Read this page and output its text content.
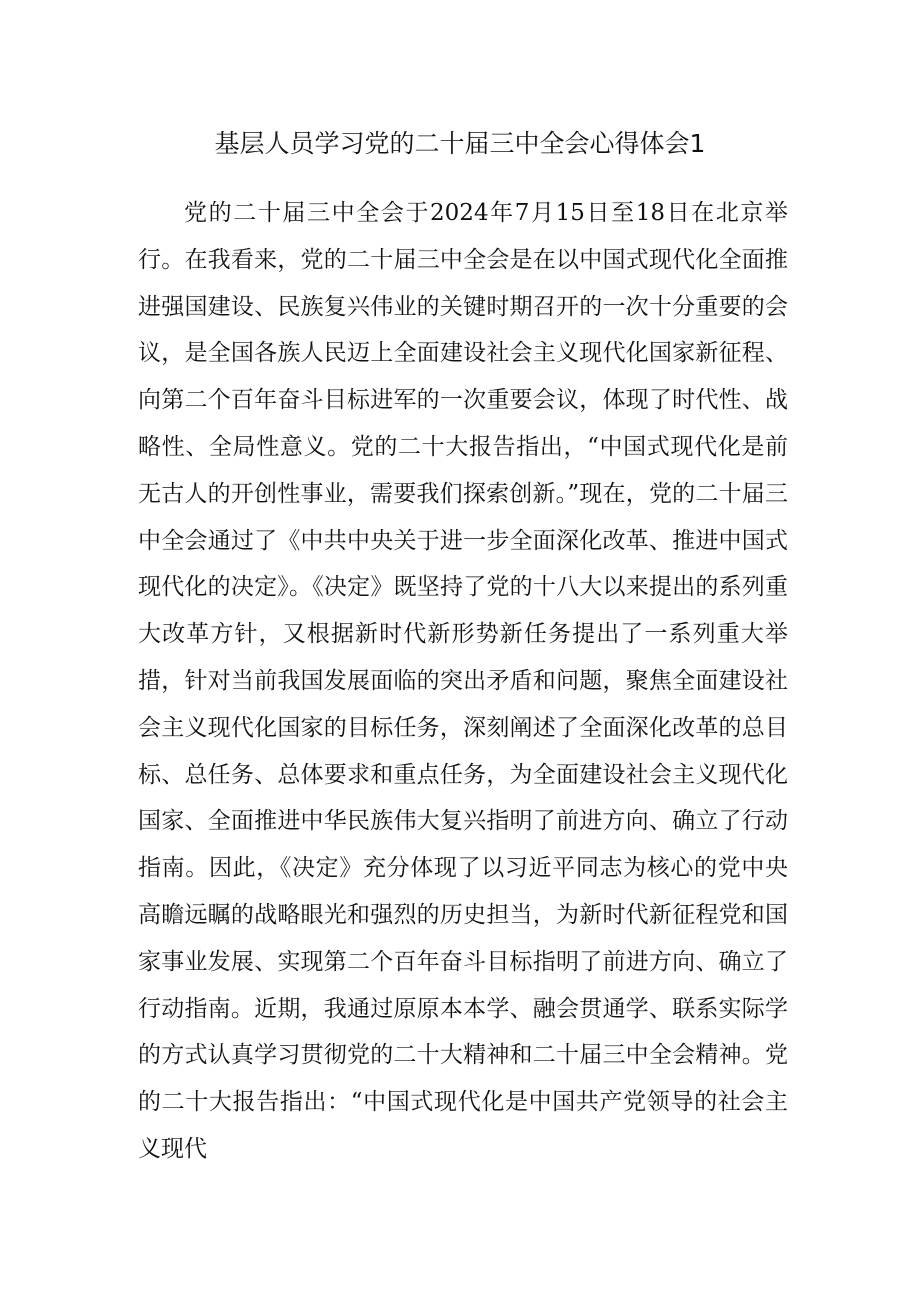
基层人员学习党的二十届三中全会心得体会1

党的二十届三中全会于2024年7月15日至18日在北京举行。在我看来，党的二十届三中全会是在以中国式现代化全面推进强国建设、民族复兴伟业的关键时期召开的一次十分重要的会议，是全国各族人民迈上全面建设社会主义现代化国家新征程、向第二个百年奋斗目标进军的一次重要会议，体现了时代性、战略性、全局性意义。党的二十大报告指出，“中国式现代化是前无古人的开创性事业，需要我们探索创新。”现在，党的二十届三中全会通过了《中共中央关于进一步全面深化改革、推进中国式现代化的决定》。《决定》既坚持了党的十八大以来提出的系列重大改革方针，又根据新时代新形势新任务提出了一系列重大举措，针对当前我国发展面临的突出矛盾和问题，聚焦全面建设社会主义现代化国家的目标任务，深刻阐述了全面深化改革的总目标、总任务、总体要求和重点任务，为全面建设社会主义现代化国家、全面推进中华民族伟大复兴指明了前进方向、确立了行动指南。因此，《决定》充分体现了以习近平同志为核心的党中央高瞻远瞩的战略眼光和强烈的历史担当，为新时代新征程党和国家事业发展、实现第二个百年奋斗目标指明了前进方向、确立了行动指南。近期，我通过原原本本学、融会贯通学、联系实际学的方式认真学习贯彻党的二十大精神和二十届三中全会精神。党的二十大报告指出：“中国式现代化是中国共产党领导的社会主义现代
